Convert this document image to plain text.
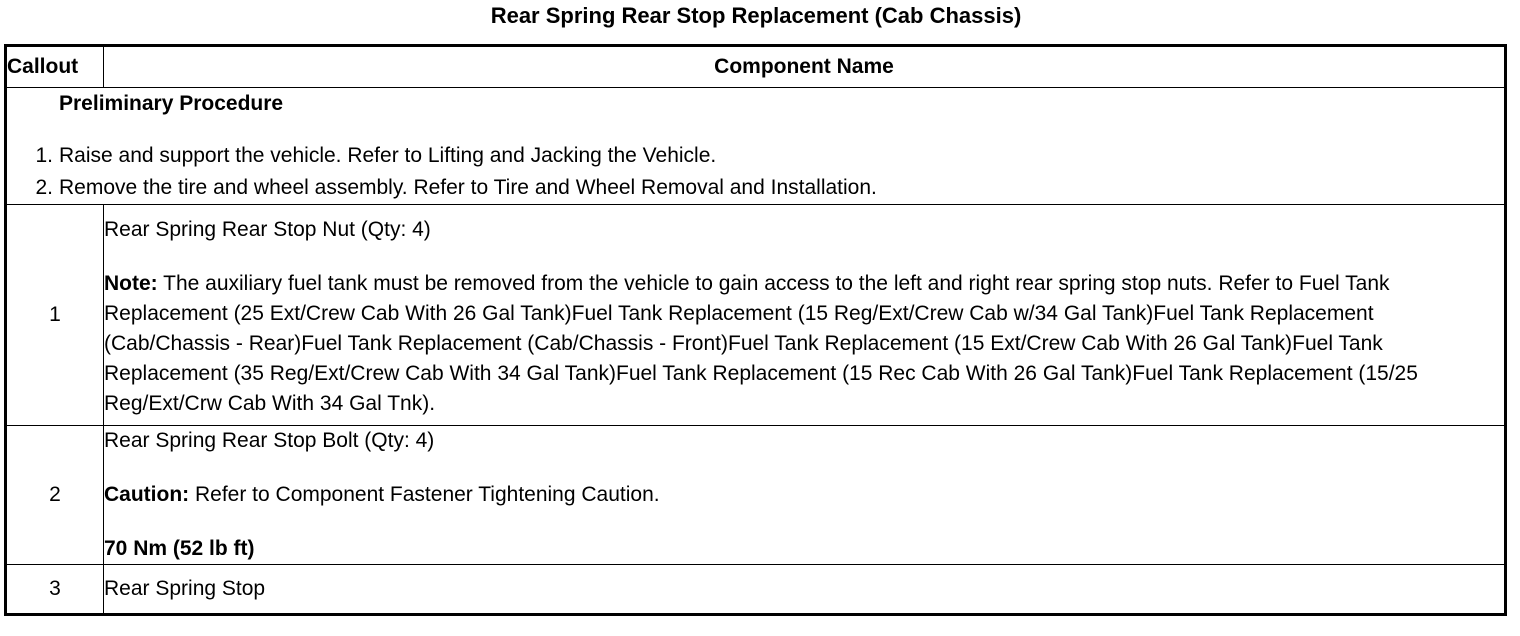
Rear Spring Rear Stop Replacement (Cab Chassis)
Callout	Component Name

Preliminary Procedure
1. Raise and support the vehicle. Refer to Lifting and Jacking the Vehicle.
2. Remove the tire and wheel assembly. Refer to Tire and Wheel Removal and Installation.	

1	Rear Spring Rear Stop Nut (Qty: 4)
Note: The auxiliary fuel tank must be removed from the vehicle to gain access to the left and right rear spring stop nuts. Refer to Fuel Tank Replacement (25 Ext/Crew Cab With 26 Gal Tank)Fuel Tank Replacement (15 Reg/Ext/Crew Cab w/34 Gal Tank)Fuel Tank Replacement (Cab/Chassis - Rear)Fuel Tank Replacement (Cab/Chassis - Front)Fuel Tank Replacement (15 Ext/Crew Cab With 26 Gal Tank)Fuel Tank Replacement (35 Reg/Ext/Crew Cab With 34 Gal Tank)Fuel Tank Replacement (15 Rec Cab With 26 Gal Tank)Fuel Tank Replacement (15/25 Reg/Ext/Crw Cab With 34 Gal Tnk).

2	Rear Spring Rear Stop Bolt (Qty: 4)
Caution: Refer to Component Fastener Tightening Caution.
70 Nm (52 lb ft)

3	Rear Spring Stop
